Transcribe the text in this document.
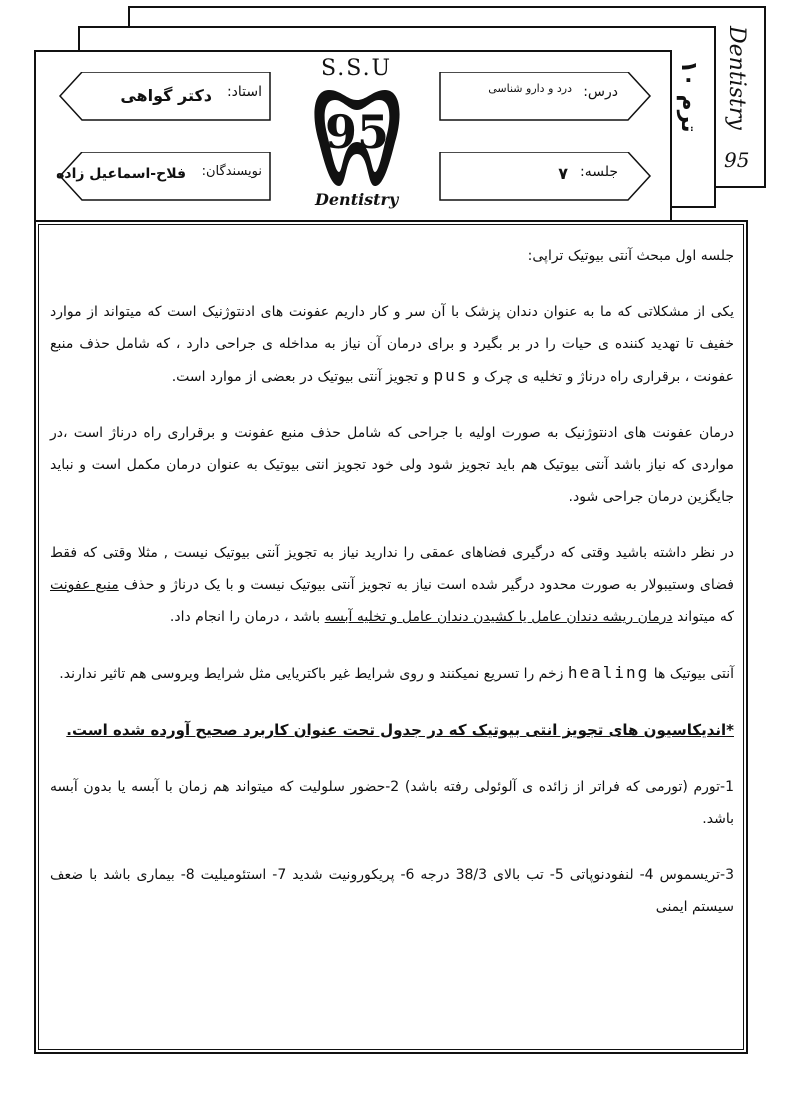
Dentistry
95
ترم ۱۰
استاد:
دکتر گواهی
نویسندگان:
فلاح-اسماعیل زاده
درس:
درد و دارو شناسی
جلسه:
۷
S.S.U
95
Dentistry

جلسه اول مبحث آنتی بیوتیک تراپی:

یکی از مشکلاتی که ما به عنوان دندان پزشک با آن سر و کار داریم عفونت های ادنتوژنیک است که میتواند از موارد خفیف تا تهدید کننده ی حیات را در بر بگیرد و برای درمان آن نیاز به مداخله ی جراحی دارد ، که شامل حذف منبع عفونت ، برقراری راه درناژ و تخلیه ی چرک و pus و تجویز آنتی بیوتیک در بعضی از موارد است.

درمان عفونت های ادنتوژنیک به صورت اولیه با جراحی که شامل حذف منبع عفونت و برقراری راه درناژ است ،در مواردی که نیاز باشد آنتی بیوتیک هم باید تجویز شود ولی خود تجویز انتی بیوتیک به عنوان درمان مکمل است و نباید جایگزین درمان جراحی شود.

در نظر داشته باشید وقتی که درگیری فضاهای عمقی را ندارید نیاز به تجویز آنتی بیوتیک نیست , مثلا وقتی که فقط فضای وستیبولار به صورت محدود درگیر شده است نیاز به تجویز آنتی بیوتیک نیست و با یک درناژ و حذف منبع عفونت که میتواند درمان ریشه دندان عامل یا کشیدن دندان عامل و تخلیه آبسه باشد ، درمان را انجام داد.

آنتی بیوتیک ها healing زخم را تسریع نمیکنند و روی شرایط غیر باکتریایی مثل شرایط ویروسی هم تاثیر ندارند.

*اندیکاسیون های تجویز انتی بیوتیک که در جدول تحت عنوان کاربرد صحیح آورده شده است.

1-تورم (تورمی که فراتر از زائده ی آلوئولی رفته باشد) 2-حضور سلولیت که میتواند هم زمان با آبسه یا بدون آبسه باشد.

3-تریسموس 4- لنفودنوپاتی 5- تب بالای 38/3 درجه 6- پریکورونیت شدید 7- استئومیلیت 8- بیماری باشد با ضعف سیستم ایمنی
